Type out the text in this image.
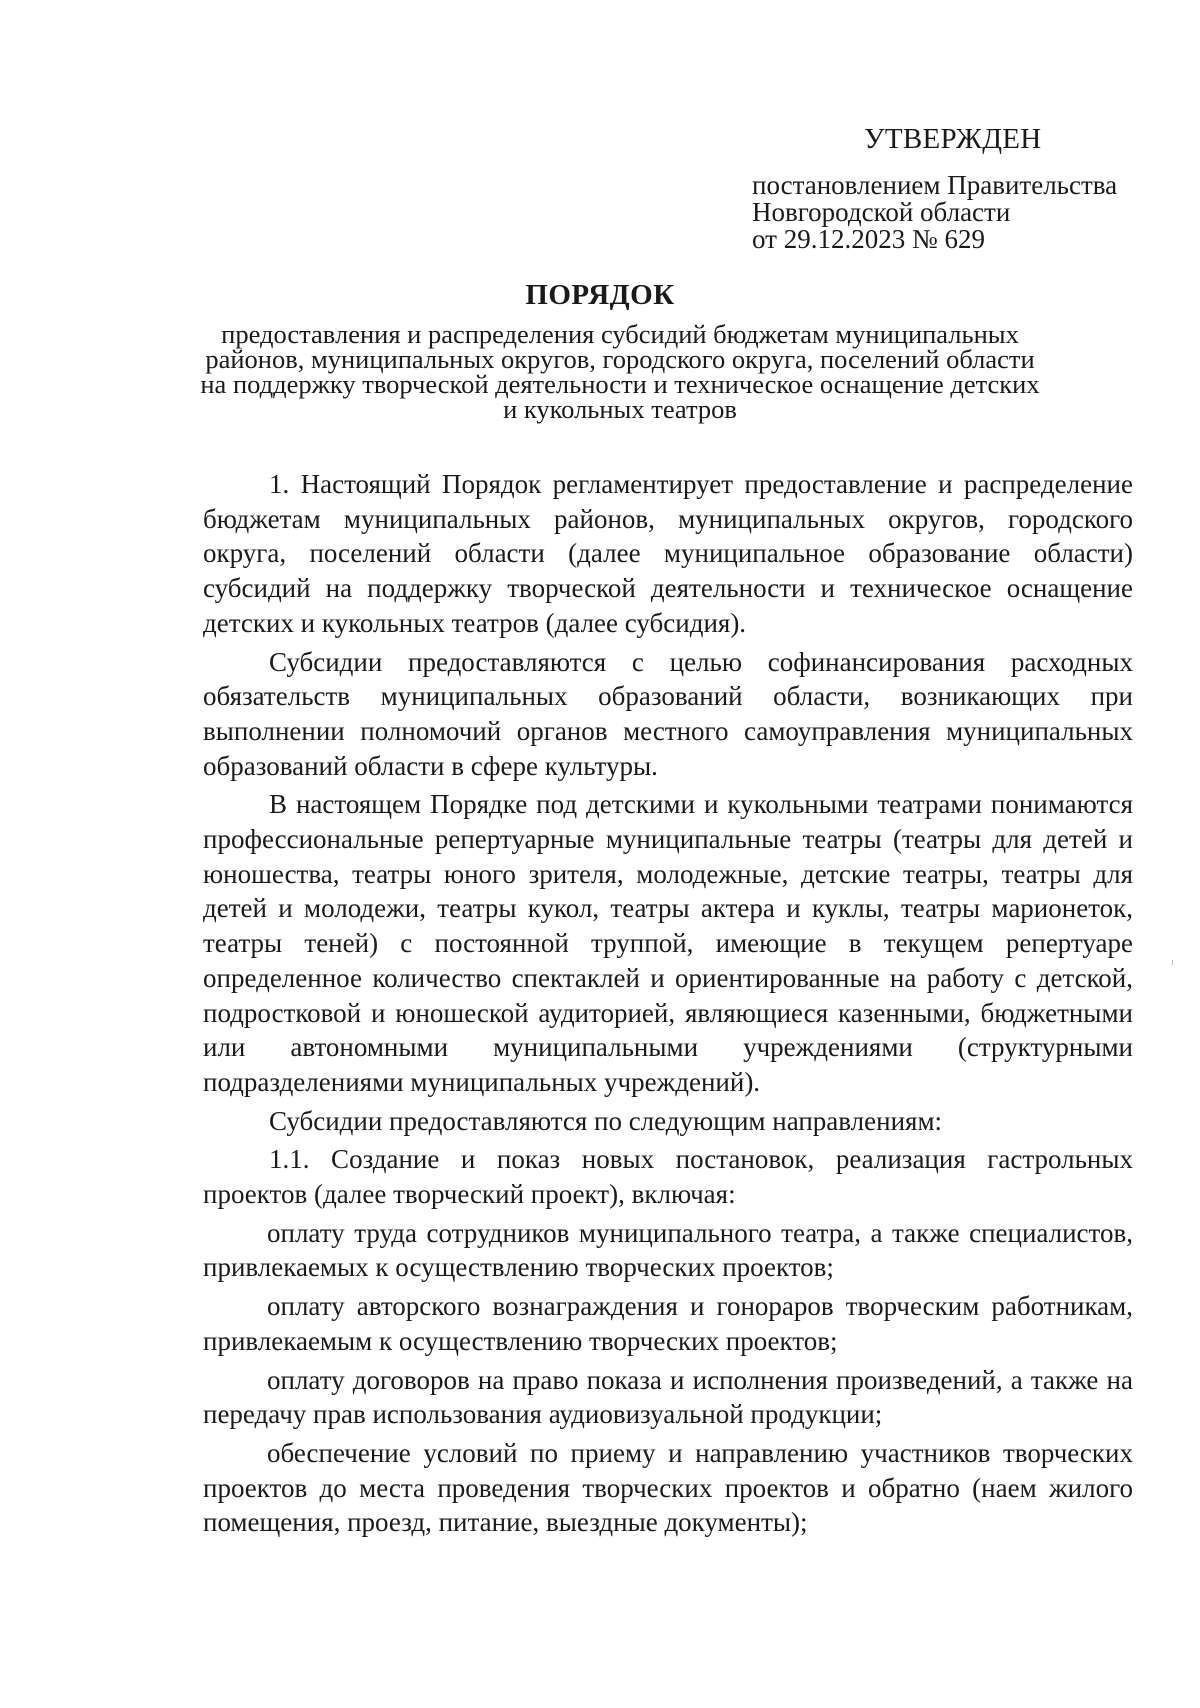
УТВЕРЖДЕН

постановлением Правительства

Новгородской области

от 29.12.2023 № 629

ПОРЯДОК

предоставления и распределения субсидий бюджетам муниципальных районов, муниципальных округов, городского округа, поселений области на поддержку творческой деятельности и техническое оснащение детских и кукольных театров

1. Настоящий Порядок регламентирует предоставление и распределение бюджетам муниципальных районов, муниципальных округов, городского округа, поселений области (далее муниципальное образование области) субсидий на поддержку творческой деятельности и техническое оснащение детских и кукольных театров (далее субсидия).

Субсидии предоставляются с целью софинансирования расходных обязательств муниципальных образований области, возникающих при выполнении полномочий органов местного самоуправления муниципальных образований области в сфере культуры.

В настоящем Порядке под детскими и кукольными театрами понимаются профессиональные репертуарные муниципальные театры (театры для детей и юношества, театры юного зрителя, молодежные, детские театры, театры для детей и молодежи, театры кукол, театры актера и куклы, театры марионеток, театры теней) с постоянной труппой, имеющие в текущем репертуаре определенное количество спектаклей и ориентированные на работу с детской, подростковой и юношеской аудиторией, являющиеся казенными, бюджетными или автономными муниципальными учреждениями (структурными подразделениями муниципальных учреждений).

Субсидии предоставляются по следующим направлениям:

1.1. Создание и показ новых постановок, реализация гастрольных проектов (далее творческий проект), включая:

оплату труда сотрудников муниципального театра, а также специалистов, привлекаемых к осуществлению творческих проектов;

оплату авторского вознаграждения и гонораров творческим работникам, привлекаемым к осуществлению творческих проектов;

оплату договоров на право показа и исполнения произведений, а также на передачу прав использования аудиовизуальной продукции;

обеспечение условий по приему и направлению участников творческих проектов до места проведения творческих проектов и обратно (наем жилого помещения, проезд, питание, выездные документы);
